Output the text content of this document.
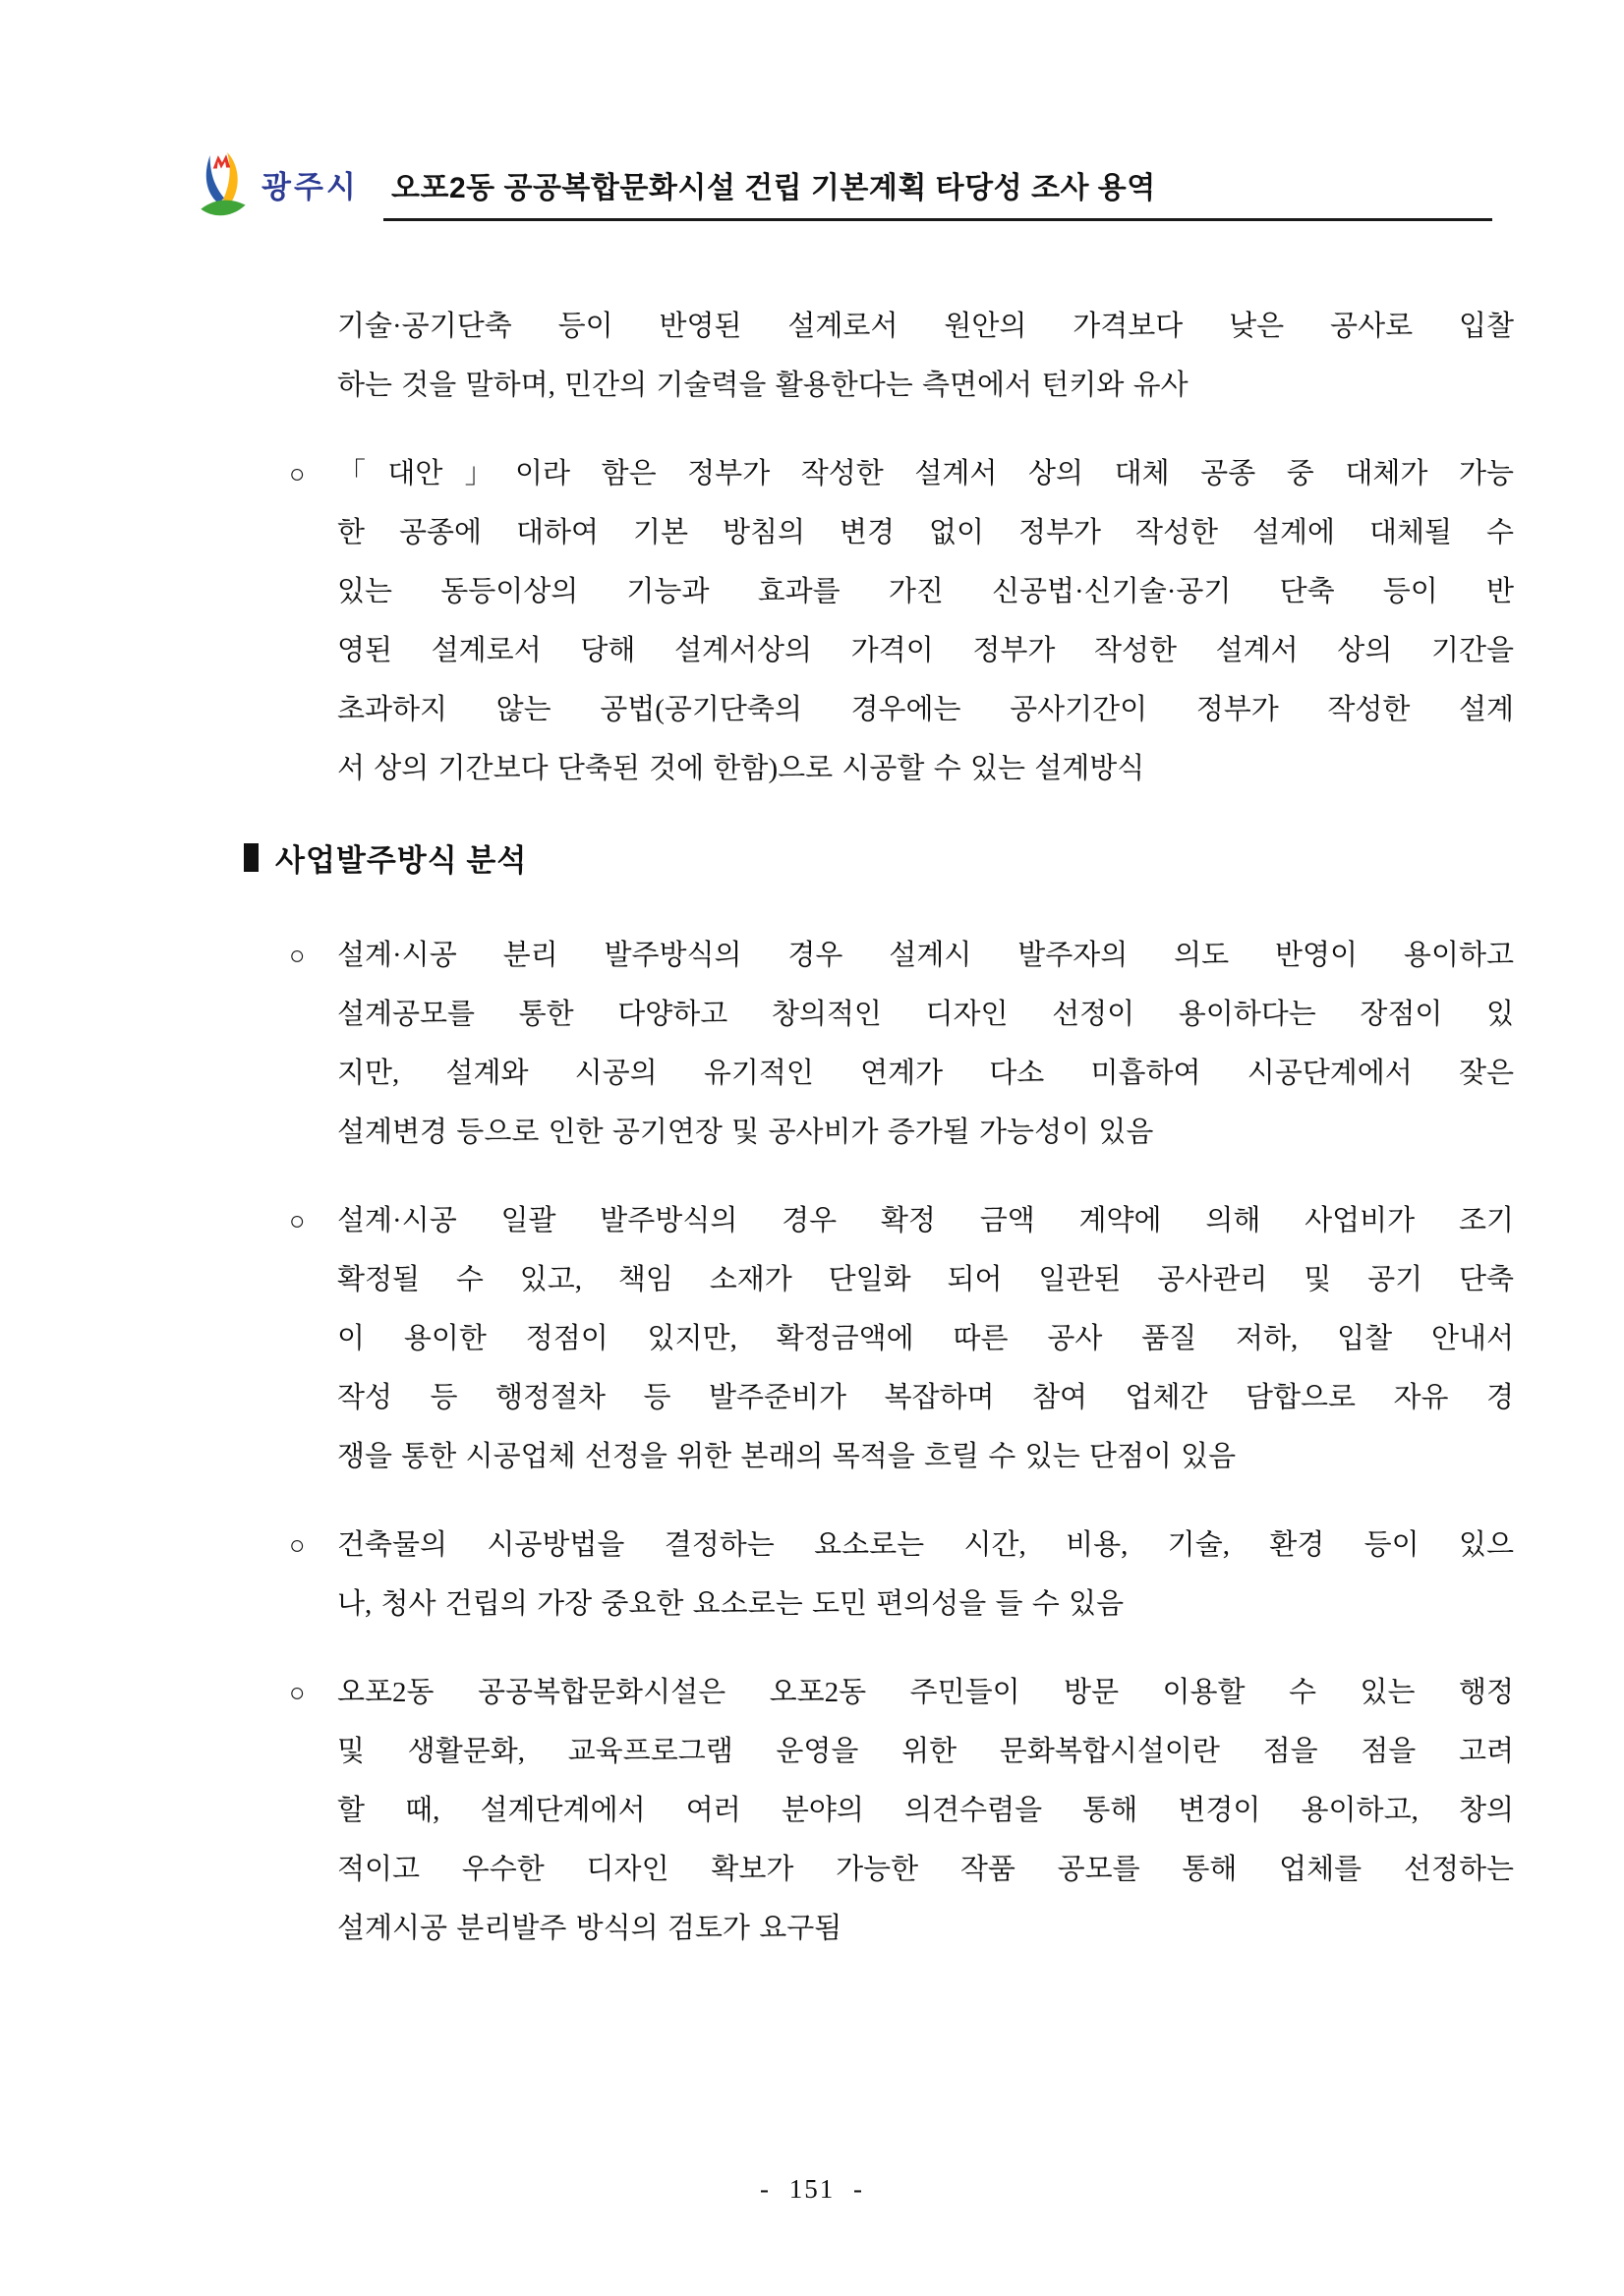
광주시 오포2동 공공복합문화시설 건립 기본계획 타당성 조사 용역
기술·공기단축 등이 반영된 설계로서 원안의 가격보다 낮은 공사로 입찰
하는 것을 말하며, 민간의 기술력을 활용한다는 측면에서 턴키와 유사
○	「대안」이라 함은 정부가 작성한 설계서 상의 대체 공종 중 대체가 가능
한 공종에 대하여 기본 방침의 변경 없이 정부가 작성한 설계에 대체될 수
있는 동등이상의 기능과 효과를 가진 신공법·신기술·공기 단축 등이 반
영된 설계로서 당해 설계서상의 가격이 정부가 작성한 설계서 상의 기간을
초과하지 않는 공법(공기단축의 경우에는 공사기간이 정부가 작성한 설계
서 상의 기간보다 단축된 것에 한함)으로 시공할 수 있는 설계방식
사업발주방식 분석
○	설계·시공 분리 발주방식의 경우 설계시 발주자의 의도 반영이 용이하고
설계공모를 통한 다양하고 창의적인 디자인 선정이 용이하다는 장점이 있
지만, 설계와 시공의 유기적인 연계가 다소 미흡하여 시공단계에서 잦은
설계변경 등으로 인한 공기연장 및 공사비가 증가될 가능성이 있음
○	설계·시공 일괄 발주방식의 경우 확정 금액 계약에 의해 사업비가 조기
확정될 수 있고, 책임 소재가 단일화 되어 일관된 공사관리 및 공기 단축
이 용이한 정점이 있지만, 확정금액에 따른 공사 품질 저하, 입찰 안내서
작성 등 행정절차 등 발주준비가 복잡하며 참여 업체간 담합으로 자유 경
쟁을 통한 시공업체 선정을 위한 본래의 목적을 흐릴 수 있는 단점이 있음
○	건축물의 시공방법을 결정하는 요소로는 시간, 비용, 기술, 환경 등이 있으
나, 청사 건립의 가장 중요한 요소로는 도민 편의성을 들 수 있음
○	오포2동 공공복합문화시설은 오포2동 주민들이 방문 이용할 수 있는 행정
및 생활문화, 교육프로그램 운영을 위한 문화복합시설이란 점을 점을 고려
할 때, 설계단계에서 여러 분야의 의견수렴을 통해 변경이 용이하고, 창의
적이고 우수한 디자인 확보가 가능한 작품 공모를 통해 업체를 선정하는
설계시공 분리발주 방식의 검토가 요구됨
- 151 -
